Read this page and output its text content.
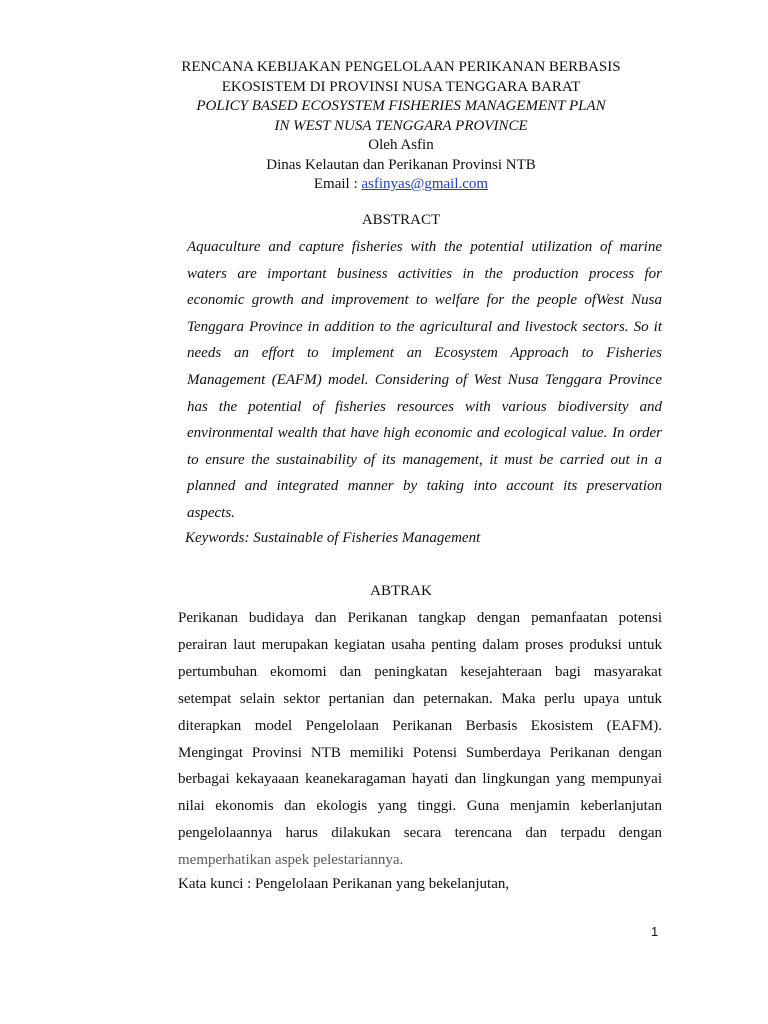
RENCANA KEBIJAKAN PENGELOLAAN PERIKANAN BERBASIS
EKOSISTEM DI PROVINSI NUSA TENGGARA BARAT
POLICY BASED ECOSYSTEM FISHERIES MANAGEMENT PLAN
IN WEST NUSA TENGGARA PROVINCE
Oleh Asfin
Dinas Kelautan dan Perikanan Provinsi NTB
Email : asfinyas@gmail.com
ABSTRACT
Aquaculture and capture fisheries with the potential utilization of marine waters are important business activities in the production process for economic growth and improvement to welfare for the people ofWest Nusa Tenggara Province in addition to the agricultural and livestock sectors. So it needs an effort to implement an Ecosystem Approach to Fisheries Management (EAFM) model. Considering of West Nusa Tenggara Province has the potential of fisheries resources with various biodiversity and environmental wealth that have high economic and ecological value. In order to ensure the sustainability of its management, it must be carried out in a planned and integrated manner by taking into account its preservation aspects.
Keywords: Sustainable of Fisheries Management
ABTRAK
Perikanan budidaya dan Perikanan tangkap dengan pemanfaatan potensi perairan laut merupakan kegiatan usaha penting dalam proses produksi untuk pertumbuhan ekomomi dan peningkatan kesejahteraan bagi masyarakat setempat selain sektor pertanian dan peternakan. Maka perlu upaya untuk diterapkan model Pengelolaan Perikanan Berbasis Ekosistem (EAFM). Mengingat Provinsi NTB memiliki Potensi Sumberdaya Perikanan dengan berbagai kekayaaan keanekaragaman hayati dan lingkungan yang mempunyai nilai ekonomis dan ekologis yang tinggi. Guna menjamin keberlanjutan pengelolaannya harus dilakukan secara terencana dan terpadu dengan memperhatikan aspek pelestariannya.
Kata kunci : Pengelolaan Perikanan yang bekelanjutan,
1
